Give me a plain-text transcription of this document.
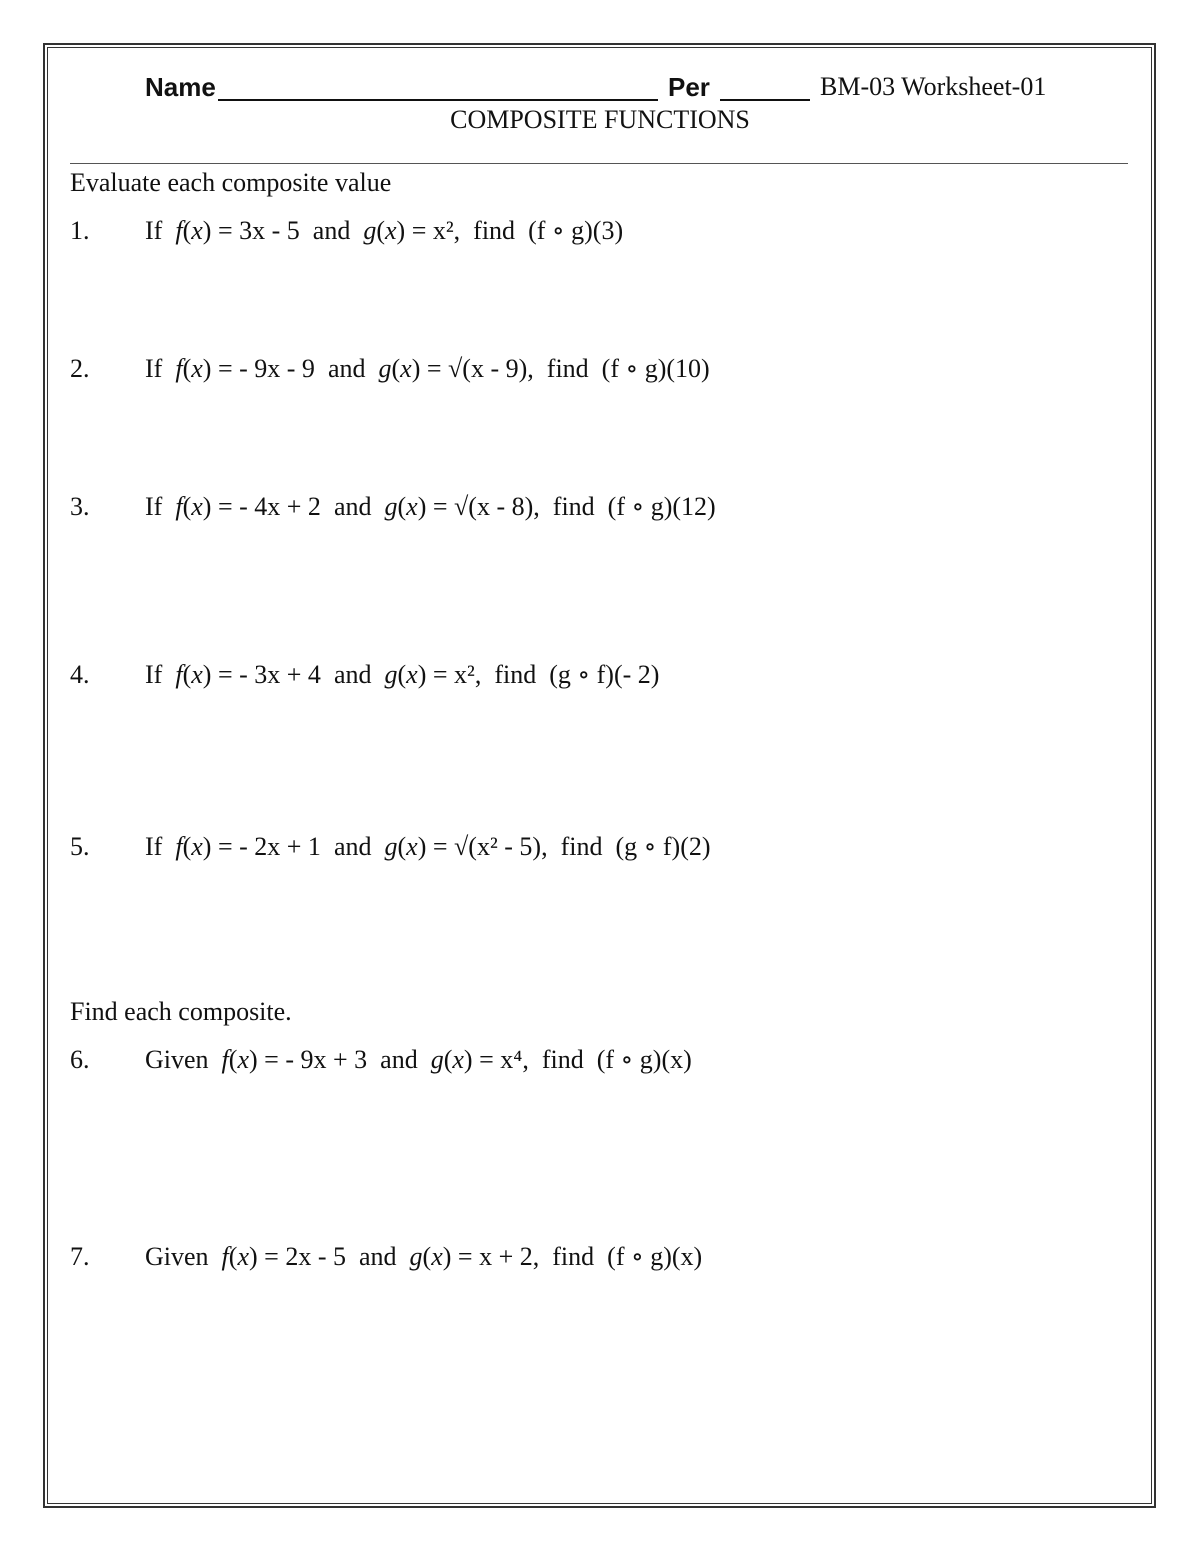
Name	Per	BM-03 Worksheet-01
COMPOSITE FUNCTIONS
Evaluate each composite value
1. If f(x) = 3x - 5  and  g(x) = x²,  find  (f ∘ g)(3)
2. If f(x) = - 9x - 9  and  g(x) = √(x - 9),  find  (f ∘ g)(10)
3. If f(x) = - 4x + 2  and  g(x) = √(x - 8),  find  (f ∘ g)(12)
4. If f(x) = - 3x + 4  and  g(x) = x²,  find  (g ∘ f)(- 2)
5. If f(x) = - 2x + 1  and  g(x) = √(x² - 5),  find  (g ∘ f)(2)
Find each composite.
6. Given f(x) = - 9x + 3  and  g(x) = x⁴,  find  (f ∘ g)(x)
7. Given f(x) = 2x - 5  and  g(x) = x + 2,  find  (f ∘ g)(x)
